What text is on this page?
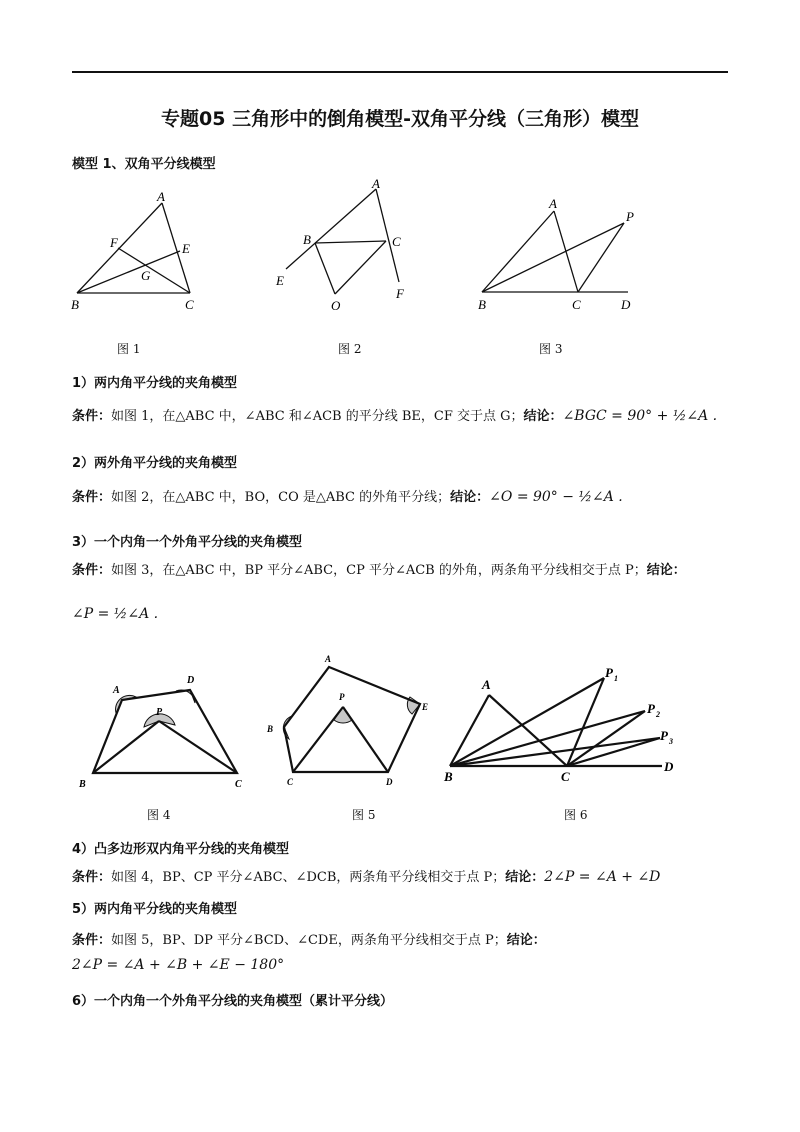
专题05 三角形中的倒角模型-双角平分线（三角形）模型
模型 1、双角平分线模型
A
B	C
E
F
G
A
B	C
E
F
O
A
P
B	C	D
图 1	图 2	图 3
1）两内角平分线的夹角模型
条件：如图 1，在△ABC 中，∠ABC 和∠ACB 的平分线 BE，CF 交于点 G；结论：∠BGC = 90° + ½∠A .
2）两外角平分线的夹角模型
条件：如图 2，在△ABC 中，BO，CO 是△ABC 的外角平分线；结论：∠O = 90° − ½∠A .
3）一个内角一个外角平分线的夹角模型
条件：如图 3，在△ABC 中，BP 平分∠ABC，CP 平分∠ACB 的外角，两条角平分线相交于点 P；结论：
∠P = ½∠A .
A
D
P
B	C
A
E
P
B
C	D
A
B	C
D
P 1
P 2
P 3
图 4	图 5	图 6
4）凸多边形双内角平分线的夹角模型
条件：如图 4，BP、CP 平分∠ABC、∠DCB，两条角平分线相交于点 P；结论：2∠P = ∠A + ∠D
5）两内角平分线的夹角模型
条件：如图 5，BP、DP 平分∠BCD、∠CDE，两条角平分线相交于点 P；结论：
2∠P = ∠A + ∠B + ∠E − 180°
6）一个内角一个外角平分线的夹角模型（累计平分线）
